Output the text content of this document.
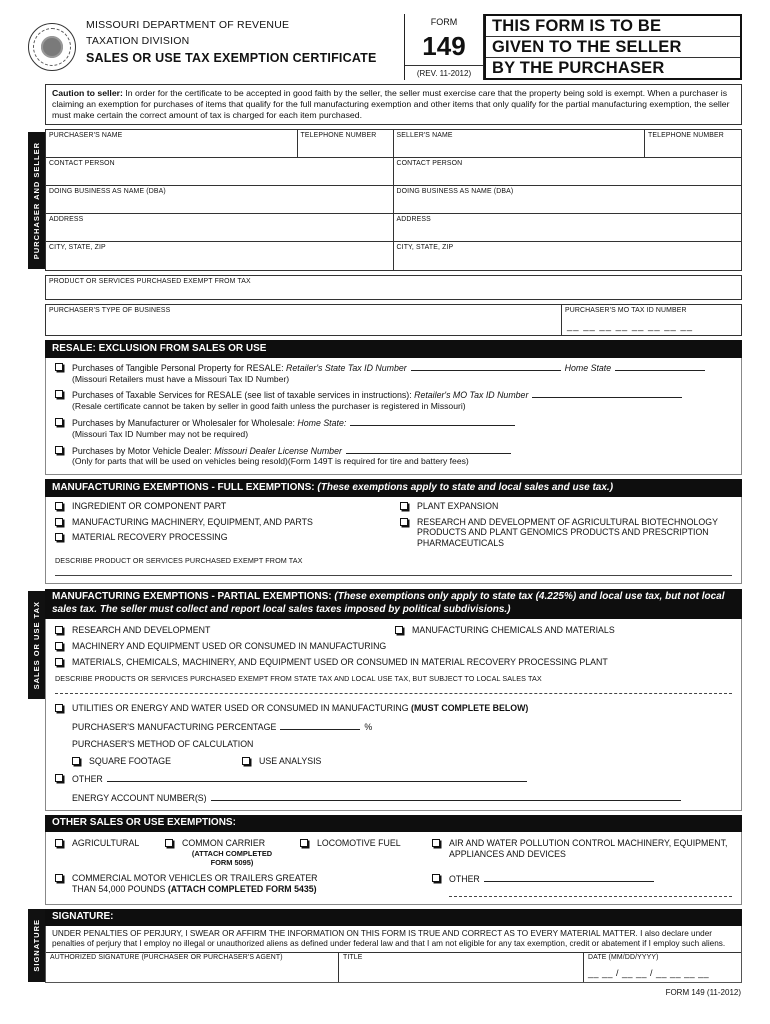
MISSOURI DEPARTMENT OF REVENUE
TAXATION DIVISION
SALES OR USE TAX EXEMPTION CERTIFICATE
FORM
149
(REV. 11-2012)
THIS FORM IS TO BE
GIVEN TO THE SELLER
BY THE PURCHASER
Caution to seller: In order for the certificate to be accepted in good faith by the seller, the seller must exercise care that the property being sold is exempt. When a purchaser is claiming an exemption for purchases of items that qualify for the full manufacturing exemption and other items that only qualify for the partial manufacturing exemption, the seller must make certain the correct amount of tax is charged for each item purchased.
PURCHASER AND SELLER
PURCHASER'S NAME	TELEPHONE NUMBER	SELLER'S NAME	TELEPHONE NUMBER
CONTACT PERSON	CONTACT PERSON
DOING BUSINESS AS NAME (DBA)	DOING BUSINESS AS NAME (DBA)
ADDRESS	ADDRESS
CITY, STATE, ZIP	CITY, STATE, ZIP
PRODUCT OR SERVICES PURCHASED EXEMPT FROM TAX
PURCHASER'S TYPE OF BUSINESS	PURCHASER'S MO TAX ID NUMBER
__ __ __ __ __ __ __ __
RESALE: EXCLUSION FROM SALES OR USE
Purchases of Tangible Personal Property for RESALE: Retailer's State Tax ID Number	Home State
(Missouri Retailers must have a Missouri Tax ID Number)
Purchases of Taxable Services for RESALE (see list of taxable services in instructions): Retailer's MO Tax ID Number
(Resale certificate cannot be taken by seller in good faith unless the purchaser is registered in Missouri)
Purchases by Manufacturer or Wholesaler for Wholesale: Home State:
(Missouri Tax ID Number may not be required)
Purchases by Motor Vehicle Dealer: Missouri Dealer License Number
(Only for parts that will be used on vehicles being resold)(Form 149T is required for tire and battery fees)
SALES OR USE TAX
MANUFACTURING EXEMPTIONS - FULL EXEMPTIONS: (These exemptions apply to state and local sales and use tax.)
INGREDIENT OR COMPONENT PART
MANUFACTURING MACHINERY, EQUIPMENT, AND PARTS
MATERIAL RECOVERY PROCESSING
PLANT EXPANSION
RESEARCH AND DEVELOPMENT OF AGRICULTURAL BIOTECHNOLOGY PRODUCTS AND PLANT GENOMICS PRODUCTS AND PRESCRIPTION PHARMACEUTICALS
DESCRIBE PRODUCT OR SERVICES PURCHASED EXEMPT FROM TAX
MANUFACTURING EXEMPTIONS - PARTIAL EXEMPTIONS: (These exemptions only apply to state tax (4.225%) and local use tax, but not local sales tax. The seller must collect and report local sales taxes imposed by political subdivisions.)
RESEARCH AND DEVELOPMENT	MANUFACTURING CHEMICALS AND MATERIALS
MACHINERY AND EQUIPMENT USED OR CONSUMED IN MANUFACTURING
MATERIALS, CHEMICALS, MACHINERY, AND EQUIPMENT USED OR CONSUMED IN MATERIAL RECOVERY PROCESSING PLANT
DESCRIBE PRODUCTS OR SERVICES PURCHASED EXEMPT FROM STATE TAX AND LOCAL USE TAX, BUT SUBJECT TO LOCAL SALES TAX
UTILITIES OR ENERGY AND WATER USED OR CONSUMED IN MANUFACTURING (MUST COMPLETE BELOW)
PURCHASER'S MANUFACTURING PERCENTAGE	%
PURCHASER'S METHOD OF CALCULATION
SQUARE FOOTAGE	USE ANALYSIS
OTHER
ENERGY ACCOUNT NUMBER(S)
OTHER SALES OR USE EXEMPTIONS:
AGRICULTURAL	COMMON CARRIER
(ATTACH COMPLETED FORM 5095)
LOCOMOTIVE FUEL	AIR AND WATER POLLUTION CONTROL MACHINERY, EQUIPMENT, APPLIANCES AND DEVICES
COMMERCIAL MOTOR VEHICLES OR TRAILERS GREATER THAN 54,000 POUNDS (ATTACH COMPLETED FORM 5435)
OTHER
SIGNATURE
SIGNATURE:
UNDER PENALTIES OF PERJURY, I SWEAR OR AFFIRM THE INFORMATION ON THIS FORM IS TRUE AND CORRECT AS TO EVERY MATERIAL MATTER. I also declare under penalties of perjury that I employ no illegal or unauthorized aliens as defined under federal law and that I am not eligible for any tax exemption, credit or abatement if I employ such aliens.
AUTHORIZED SIGNATURE (PURCHASER OR PURCHASER'S AGENT)	TITLE	DATE (MM/DD/YYYY)
__ __ / __ __ / __ __ __ __
FORM 149 (11-2012)
